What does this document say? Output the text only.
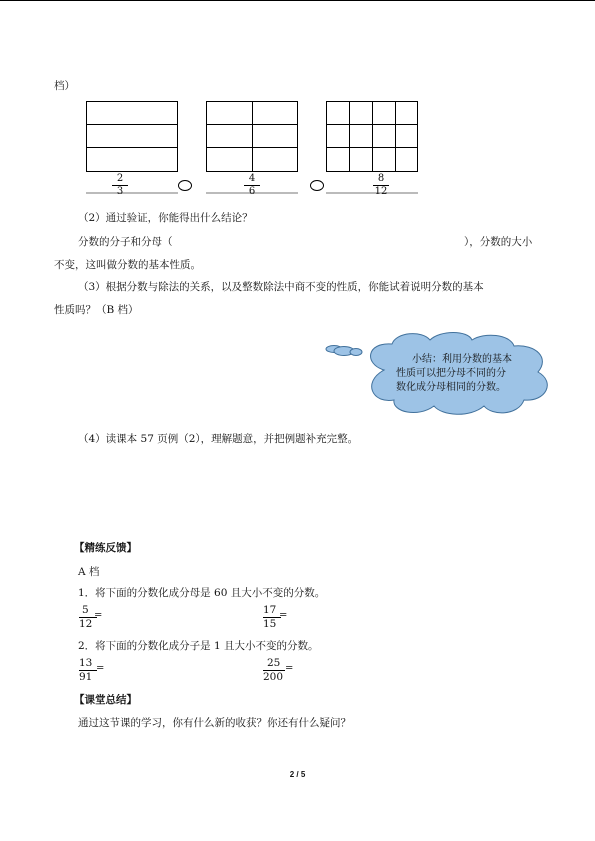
档）
2
3
4
6
8
12
（2）通过验证，你能得出什么结论？
分数的分子和分母（	），分数的大小
不变，这叫做分数的基本性质。
（3）根据分数与除法的关系，以及整数除法中商不变的性质，你能试着说明分数的基本
性质吗？（B 档）
小结：利用分数的基本
性质可以把分母不同的分
数化成分母相同的分数。
（4）读课本 57 页例（2），理解题意，并把例题补充完整。
【精练反馈】
A 档
1．将下面的分数化成分母是 60 且大小不变的分数。
5
12
=	17
15
=
2．将下面的分数化成分子是 1 且大小不变的分数。
13
91
=	25
200
=
【课堂总结】
通过这节课的学习，你有什么新的收获？你还有什么疑问？
2 / 5
